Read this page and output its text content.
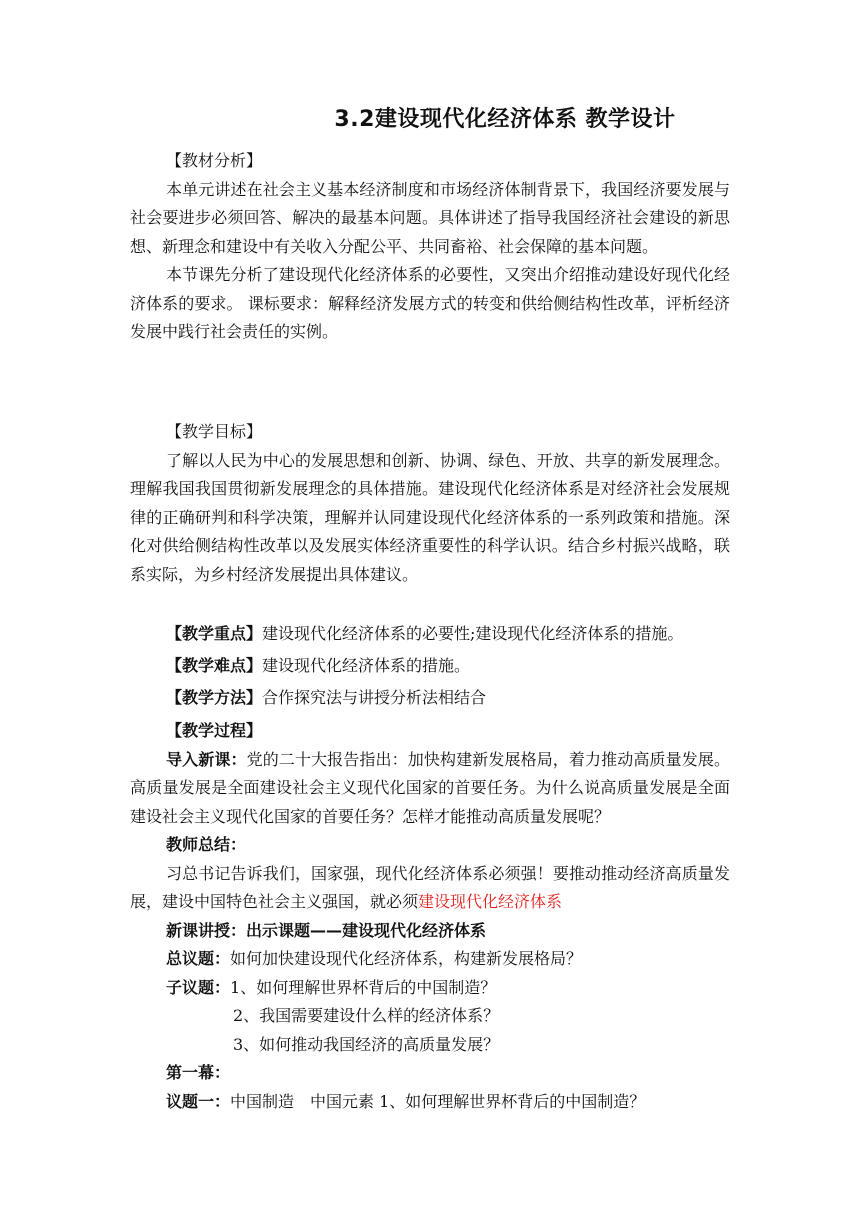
3.2建设现代化经济体系 教学设计

【教材分析】

本单元讲述在社会主义基本经济制度和市场经济体制背景下，我国经济要发展与社会要进步必须回答、解决的最基本问题。具体讲述了指导我国经济社会建设的新思想、新理念和建设中有关收入分配公平、共同畜裕、社会保障的基本问题。

本节课先分析了建设现代化经济体系的必要性，又突出介绍推动建设好现代化经济体系的要求。 课标要求：解释经济发展方式的转变和供给侧结构性改革，评析经济发展中践行社会责任的实例。

【教学目标】

了解以人民为中心的发展思想和创新、协调、绿色、开放、共享的新发展理念。理解我国我国贯彻新发展理念的具体措施。建设现代化经济体系是对经济社会发展规律的正确研判和科学决策，理解并认同建设现代化经济体系的一系列政策和措施。深化对供给侧结构性改革以及发展实体经济重要性的科学认识。结合乡村振兴战略，联系实际，为乡村经济发展提出具体建议。

【教学重点】建设现代化经济体系的必要性;建设现代化经济体系的措施。

【教学难点】建设现代化经济体系的措施。

【教学方法】合作探究法与讲授分析法相结合

【教学过程】

导入新课：党的二十大报告指出：加快构建新发展格局，着力推动高质量发展。高质量发展是全面建设社会主义现代化国家的首要任务。为什么说高质量发展是全面建设社会主义现代化国家的首要任务？怎样才能推动高质量发展呢？

教师总结：

习总书记告诉我们，国家强，现代化经济体系必须强！要推动推动经济高质量发展，建设中国特色社会主义强国，就必须建设现代化经济体系

新课讲授：出示课题——建设现代化经济体系

总议题：如何加快建设现代化经济体系，构建新发展格局？

子议题：1、如何理解世界杯背后的中国制造？

2、我国需要建设什么样的经济体系？

3、如何推动我国经济的高质量发展？

第一幕：

议题一：中国制造　中国元素 1、如何理解世界杯背后的中国制造？
